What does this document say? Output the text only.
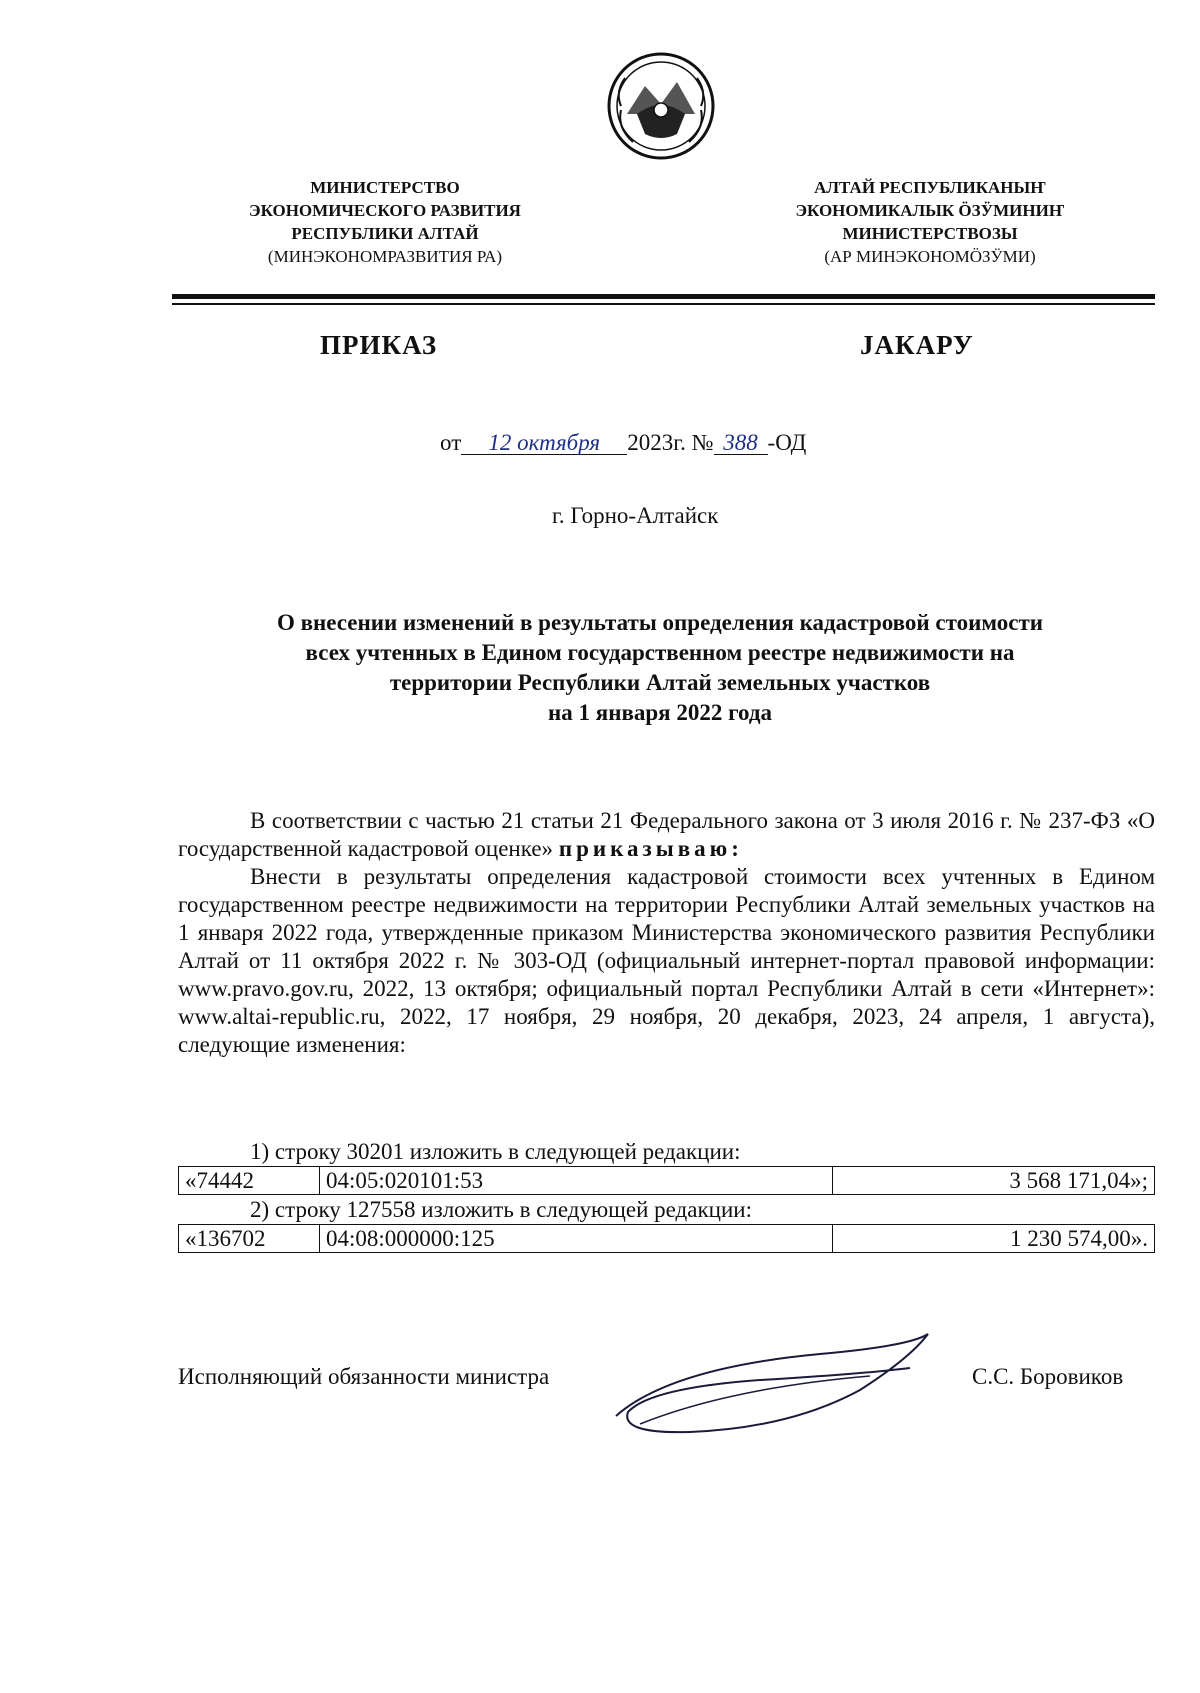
МИНИСТЕРСТВО
ЭКОНОМИЧЕСКОГО РАЗВИТИЯ
РЕСПУБЛИКИ АЛТАЙ
(МИНЭКОНОМРАЗВИТИЯ РА)
АЛТАЙ РЕСПУБЛИКАНЫҤ
ЭКОНОМИКАЛЫК ӦЗӰМИНИҤ
МИНИСТЕРСТВОЗЫ
(АР МИНЭКОНОМӦЗӰМИ)
ПРИКАЗ	JАКАРУ
от 12 октября 2023г. № 388 -ОД
г. Горно-Алтайск
О внесении изменений в результаты определения кадастровой стоимости
всех учтенных в Едином государственном реестре недвижимости на
территории Республики Алтай земельных участков
на 1 января 2022 года

В соответствии с частью 21 статьи 21 Федерального закона от 3 июля 2016 г. № 237-ФЗ «О государственной кадастровой оценке» приказываю:

Внести в результаты определения кадастровой стоимости всех учтенных в Едином государственном реестре недвижимости на территории Республики Алтай земельных участков на 1 января 2022 года, утвержденные приказом Министерства экономического развития Республики Алтай от 11 октября 2022 г. № 303-ОД (официальный интернет-портал правовой информации: www.pravo.gov.ru, 2022, 13 октября; официальный портал Республики Алтай в сети «Интернет»: www.altai-republic.ru, 2022, 17 ноября, 29 ноября, 20 декабря, 2023, 24 апреля, 1 августа), следующие изменения:

1) строку 30201 изложить в следующей редакции:
«74442	04:05:020101:53	3 568 171,04»;
2) строку 127558 изложить в следующей редакции:
«136702	04:08:000000:125	1 230 574,00».
Исполняющий обязанности министра	С.С. Боровиков
